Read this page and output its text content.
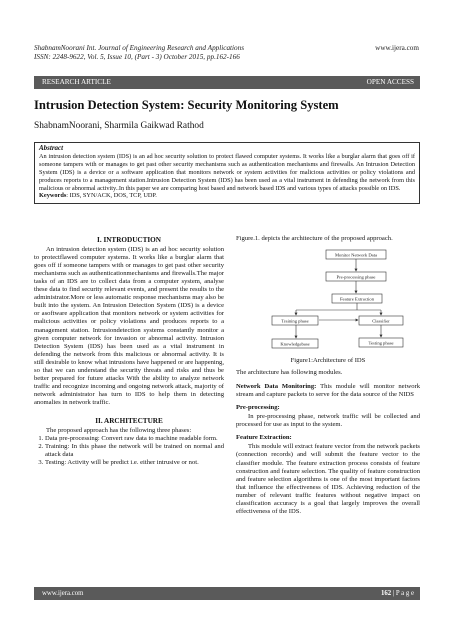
ShabnamNoorani Int. Journal of Engineering Research and Applications
ISSN: 2248-9622, Vol. 5, Issue 10, (Part - 3) October 2015, pp.162-166
www.ijera.com
RESEARCH ARTICLE	OPEN ACCESS
Intrusion Detection System: Security Monitoring System
ShabnamNoorani, Sharmila Gaikwad Rathod
Abstract
An intrusion detection system (IDS) is an ad hoc security solution to protect flawed computer systems. It works like a burglar alarm that goes off if someone tampers with or manages to get past other security mechanisms such as authentication mechanisms and firewalls. An Intrusion Detection System (IDS) is a device or a software application that monitors network or system activities for malicious activities or policy violations and produces reports to a management station.Intrusion Detection System (IDS) has been used as a vital instrument in defending the network from this malicious or abnormal activity..In this paper we are comparing host based and network based IDS and various types of attacks possible on IDS.
Keywords: IDS, SYN/ACK, DOS, TCP, UDP.
I. INTRODUCTION

An intrusion detection system (IDS) is an ad hoc security solution to protectflawed computer systems. It works like a burglar alarm that goes off if someone tampers with or manages to get past other security mechanisms such as authenticationmechanisms and firewalls.The major tasks of an IDS are to collect data from a computer system, analyse these data to find security relevant events, and present the results to the administrator.More or less automatic response mechanisms may also be built into the system. An Intrusion Detection System (IDS) is a device or asoftware application that monitors network or system activities for malicious activities or policy violations and produces reports to a management station. Intrusiondetection systems constantly monitor a given computer network for invasion or abnormal activity. Intrusion Detection System (IDS) has been used as a vital instrument in defending the network from this malicious or abnormal activity. It is still desirable to know what intrusions have happened or are happening, so that we can understand the security threats and risks and thus be better prepared for future attacks With the ability to analyze network traffic and recognize incoming and ongoing network attack, majority of network administrator has turn to IDS to help them in detecting anomalies in network traffic.

II. ARCHITECTURE

The proposed approach has the following three phases:

1. Data pre-processing: Convert raw data to machine readable form.
2. Training: In this phase the network will be trained on normal and attack data
3. Testing: Activity will be predict i.e. either intrusive or not.

Figure.1. depicts the architecture of the proposed approach.

Monitor Network Data
Pre-processing phase
Feature Extraction
Training phase	Classifier
Knowledgebase	Testing phase
Figure1:Architecture of IDS

The architecture has following modules.

Network Data Monitoring: This module will monitor network stream and capture packets to serve for the data source of the NIDS

Pre-processing:

In pre-processing phase, network traffic will be collected and processed for use as input to the system.

Feature Extraction:

This module will extract feature vector from the network packets (connection records) and will submit the feature vector to the classifier module. The feature extraction process consists of feature construction and feature selection. The quality of feature construction and feature selection algorithms is one of the most important factors that influence the effectiveness of IDS. Achieving reduction of the number of relevant traffic features without negative impact on classification accuracy is a goal that largely improves the overall effectiveness of the IDS.

www.ijera.com	162 | P a g e
